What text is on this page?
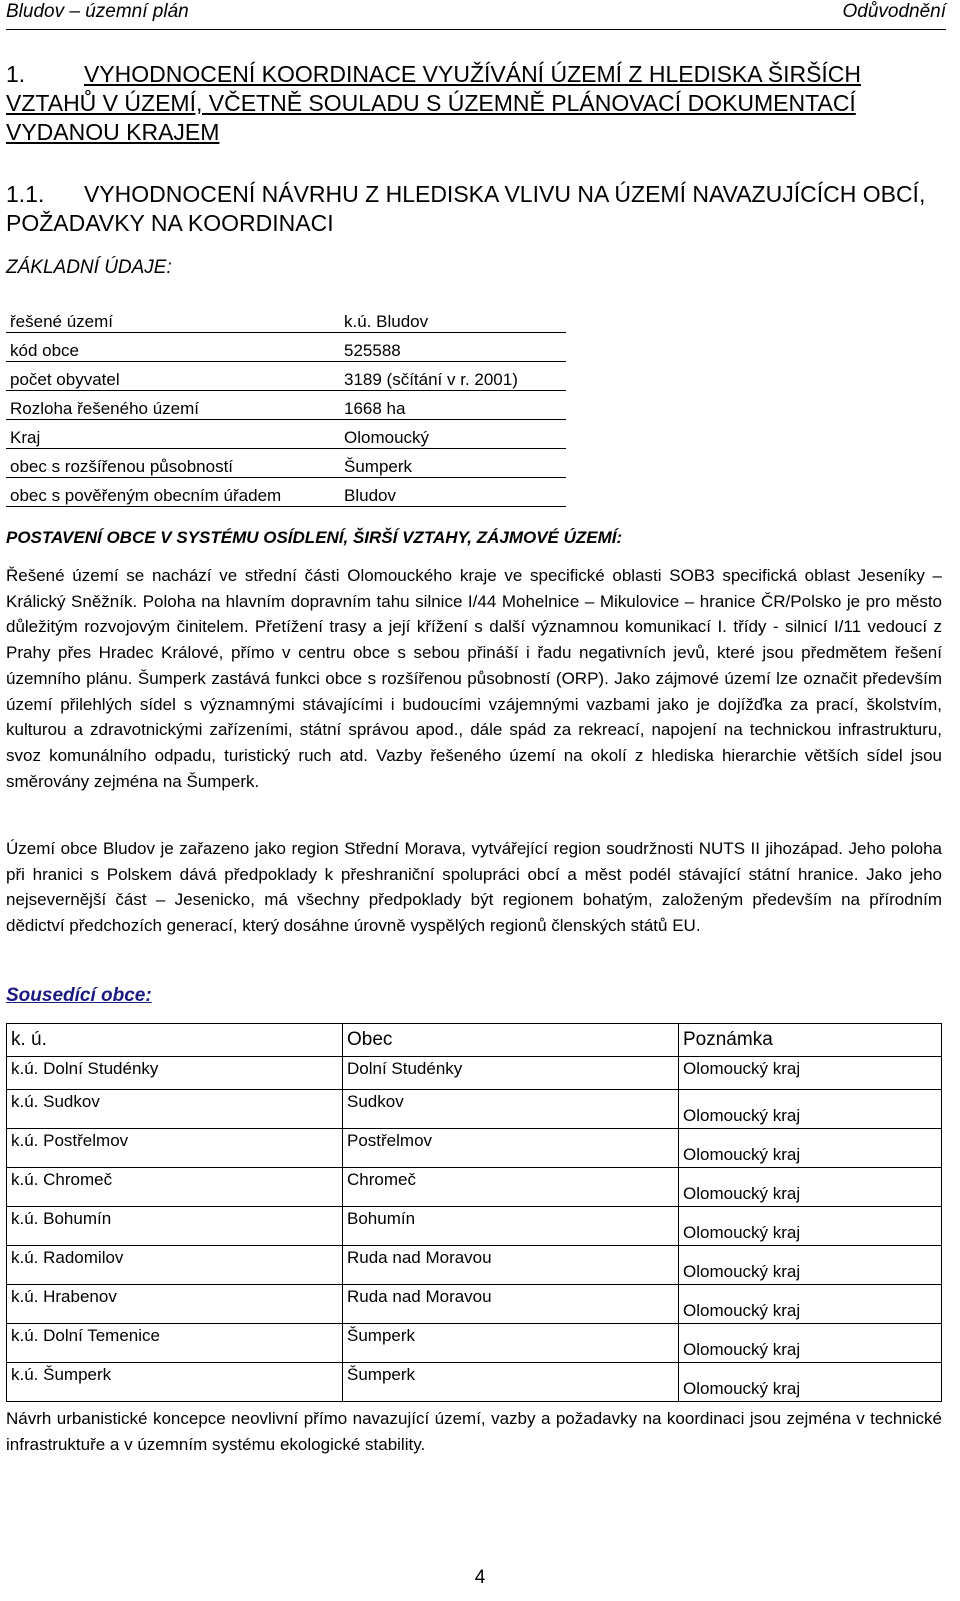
Bludov – územní plán	Odůvodnění
1.	VYHODNOCENÍ KOORDINACE VYUŽÍVÁNÍ ÚZEMÍ Z HLEDISKA ŠIRŠÍCH VZTAHŮ V ÚZEMÍ, VČETNĚ SOULADU S ÚZEMNĚ PLÁNOVACÍ DOKUMENTACÍ VYDANOU KRAJEM
1.1. VYHODNOCENÍ NÁVRHU Z HLEDISKA VLIVU NA ÚZEMÍ NAVAZUJÍCÍCH OBCÍ, POŽADAVKY NA KOORDINACI
ZÁKLADNÍ ÚDAJE:
řešené území	k.ú. Bludov
kód obce	525588
počet obyvatel	3189 (sčítání v r. 2001)
Rozloha řešeného území	1668 ha
Kraj	Olomoucký
obec s rozšířenou působností	Šumperk
obec s pověřeným obecním úřadem	Bludov
POSTAVENÍ OBCE V SYSTÉMU OSÍDLENÍ, ŠIRŠÍ VZTAHY, ZÁJMOVÉ ÚZEMÍ:
Řešené území se nachází ve střední části Olomouckého kraje ve specifické oblasti SOB3 specifická oblast Jeseníky – Králický Sněžník. Poloha na hlavním dopravním tahu silnice I/44 Mohelnice – Mikulovice – hranice ČR/Polsko je pro město důležitým rozvojovým činitelem. Přetížení trasy a její křížení s další významnou komunikací I. třídy - silnicí I/11 vedoucí z Prahy přes Hradec Králové, přímo v centru obce s sebou přináší i řadu negativních jevů, které jsou předmětem řešení územního plánu. Šumperk zastává funkci obce s rozšířenou působností (ORP). Jako zájmové území lze označit především území přilehlých sídel s významnými stávajícími i budoucími vzájemnými vazbami jako je dojížďka za prací, školstvím, kulturou a zdravotnickými zařízeními, státní správou apod., dále spád za rekreací, napojení na technickou infrastrukturu, svoz komunálního odpadu, turistický ruch atd. Vazby řešeného území na okolí z hlediska hierarchie větších sídel jsou směrovány zejména na Šumperk.
Území obce Bludov je zařazeno jako region Střední Morava, vytvářející region soudržnosti NUTS II jihozápad. Jeho poloha při hranici s Polskem dává předpoklady k přeshraniční spolupráci obcí a měst podél stávající státní hranice. Jako jeho nejsevernější část – Jesenicko, má všechny předpoklady být regionem bohatým, založeným především na přírodním dědictví předchozích generací, který dosáhne úrovně vyspělých regionů členských států EU.
Sousedící obce:
k. ú.	Obec	Poznámka
k.ú. Dolní Studénky	Dolní Studénky	Olomoucký kraj
k.ú. Sudkov	Sudkov	Olomoucký kraj
k.ú. Postřelmov	Postřelmov	Olomoucký kraj
k.ú. Chromeč	Chromeč	Olomoucký kraj
k.ú. Bohumín	Bohumín	Olomoucký kraj
k.ú. Radomilov	Ruda nad Moravou	Olomoucký kraj
k.ú. Hrabenov	Ruda nad Moravou	Olomoucký kraj
k.ú. Dolní Temenice	Šumperk	Olomoucký kraj
k.ú. Šumperk	Šumperk	Olomoucký kraj
Návrh urbanistické koncepce neovlivní přímo navazující území, vazby a požadavky na koordinaci jsou zejména v technické infrastruktuře a v územním systému ekologické stability.
4
